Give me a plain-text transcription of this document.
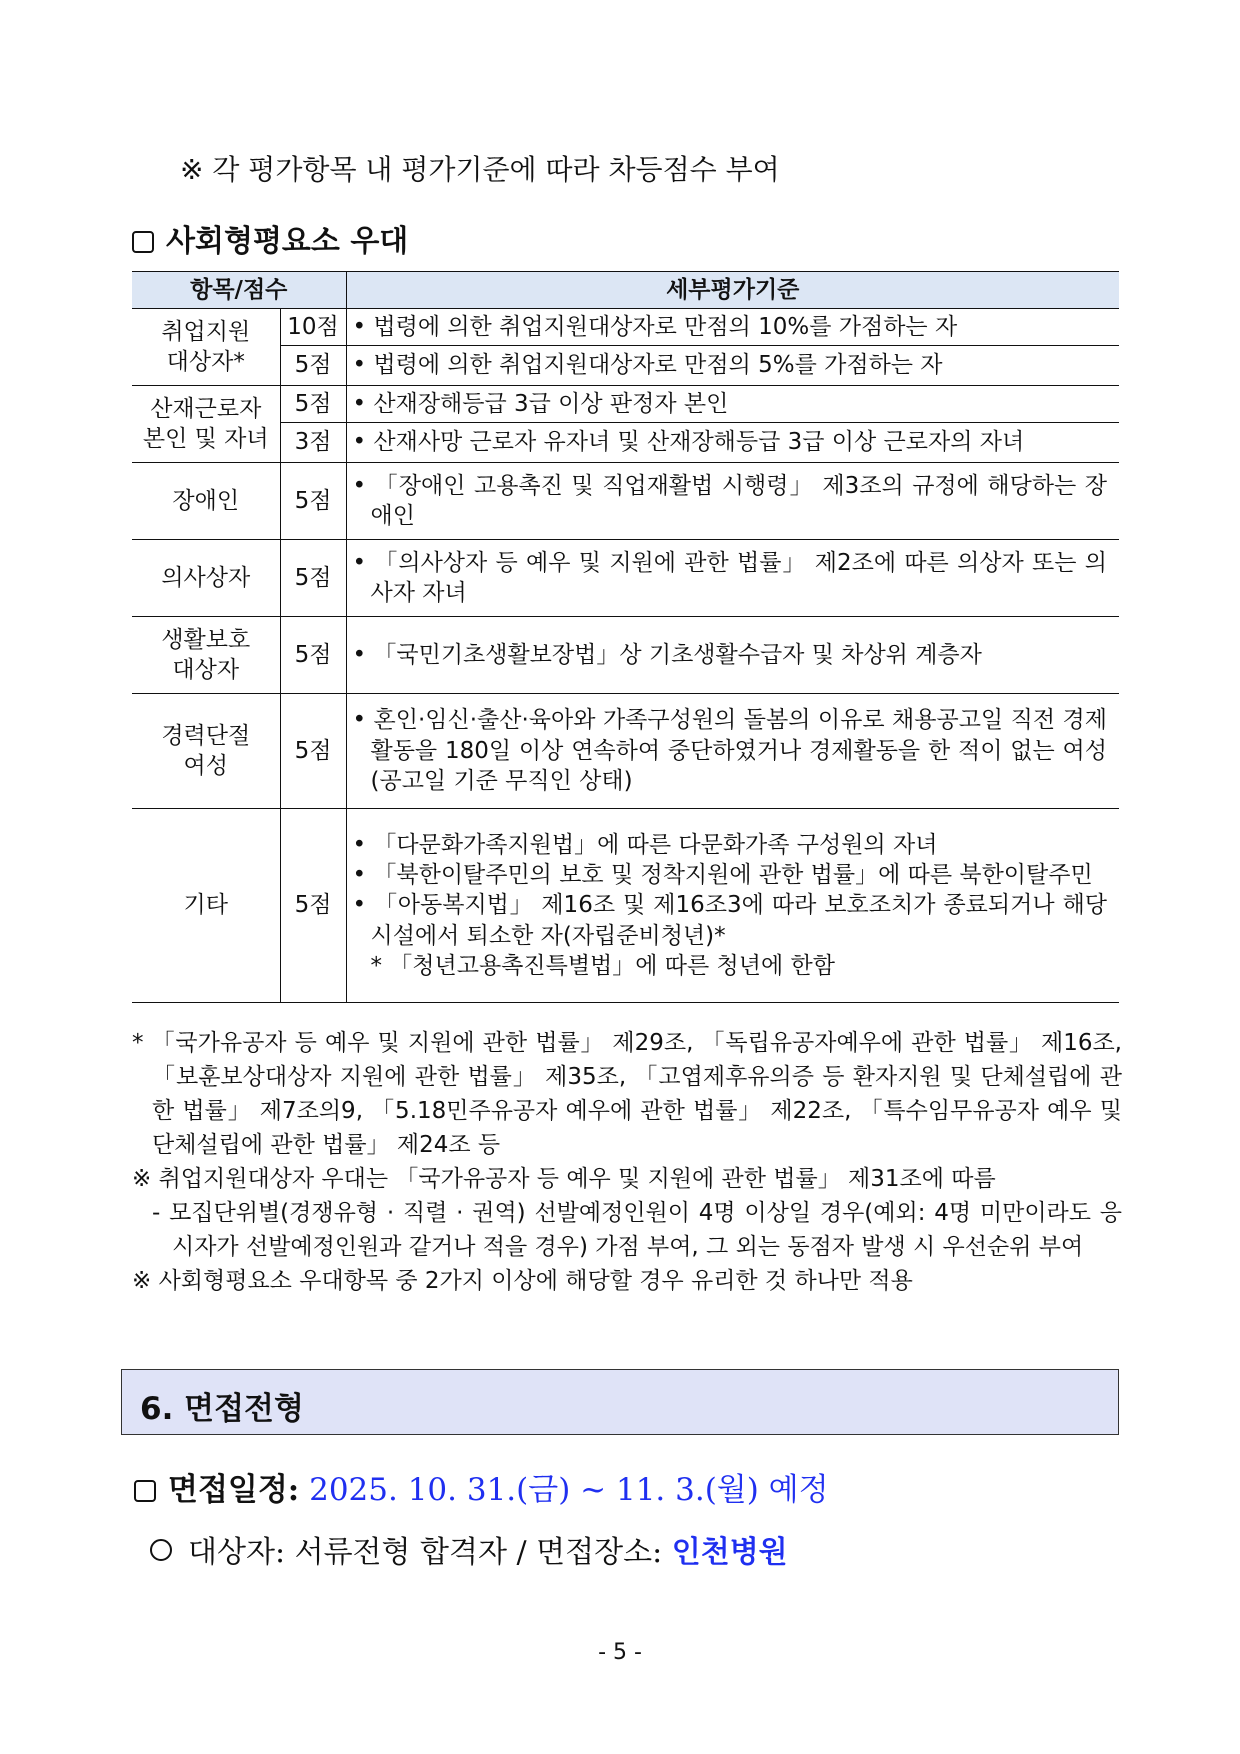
※ 각 평가항목 내 평가기준에 따라 차등점수 부여
사회형평요소 우대
항목/점수		세부평가기준
취업지원
대상자*	10점	• 법령에 의한 취업지원대상자로 만점의 10%를 가점하는 자

	5점	• 법령에 의한 취업지원대상자로 만점의 5%를 가점하는 자

산재근로자
본인 및 자녀	5점	• 산재장해등급 3급 이상 판정자 본인

	3점	• 산재사망 근로자 유자녀 및 산재장해등급 3급 이상 근로자의 자녀

장애인	5점	• 「장애인 고용촉진 및 직업재활법 시행령」 제3조의 규정에 해당하는 장애인

의사상자	5점	• 「의사상자 등 예우 및 지원에 관한 법률」 제2조에 따른 의상자 또는 의사자 자녀

생활보호
대상자	5점	• 「국민기초생활보장법」상 기초생활수급자 및 차상위 계층자

경력단절
여성	5점	• 혼인·임신·출산·육아와 가족구성원의 돌봄의 이유로 채용공고일 직전 경제활동을 180일 이상 연속하여 중단하였거나 경제활동을 한 적이 없는 여성(공고일 기준 무직인 상태)

기타	5점	• 「다문화가족지원법」에 따른 다문화가족 구성원의 자녀
• 「북한이탈주민의 보호 및 정착지원에 관한 법률」에 따른 북한이탈주민
• 「아동복지법」 제16조 및 제16조3에 따라 보호조치가 종료되거나 해당 시설에서 퇴소한 자(자립준비청년)*
* 「청년고용촉진특별법」에 따른 청년에 한함

* 「국가유공자 등 예우 및 지원에 관한 법률」 제29조, 「독립유공자예우에 관한 법률」 제16조, 「보훈보상대상자 지원에 관한 법률」 제35조, 「고엽제후유의증 등 환자지원 및 단체설립에 관한 법률」 제7조의9, 「5.18민주유공자 예우에 관한 법률」 제22조, 「특수임무유공자 예우 및 단체설립에 관한 법률」 제24조 등

※ 취업지원대상자 우대는 「국가유공자 등 예우 및 지원에 관한 법률」 제31조에 따름

- 모집단위별(경쟁유형 · 직렬 · 권역) 선발예정인원이 4명 이상일 경우(예외: 4명 미만이라도 응시자가 선발예정인원과 같거나 적을 경우) 가점 부여, 그 외는 동점자 발생 시 우선순위 부여

※ 사회형평요소 우대항목 중 2가지 이상에 해당할 경우 유리한 것 하나만 적용

6. 면접전형
면접일정: 2025. 10. 31.(금) ~ 11. 3.(월) 예정
대상자: 서류전형 합격자 / 면접장소: 인천병원
- 5 -
